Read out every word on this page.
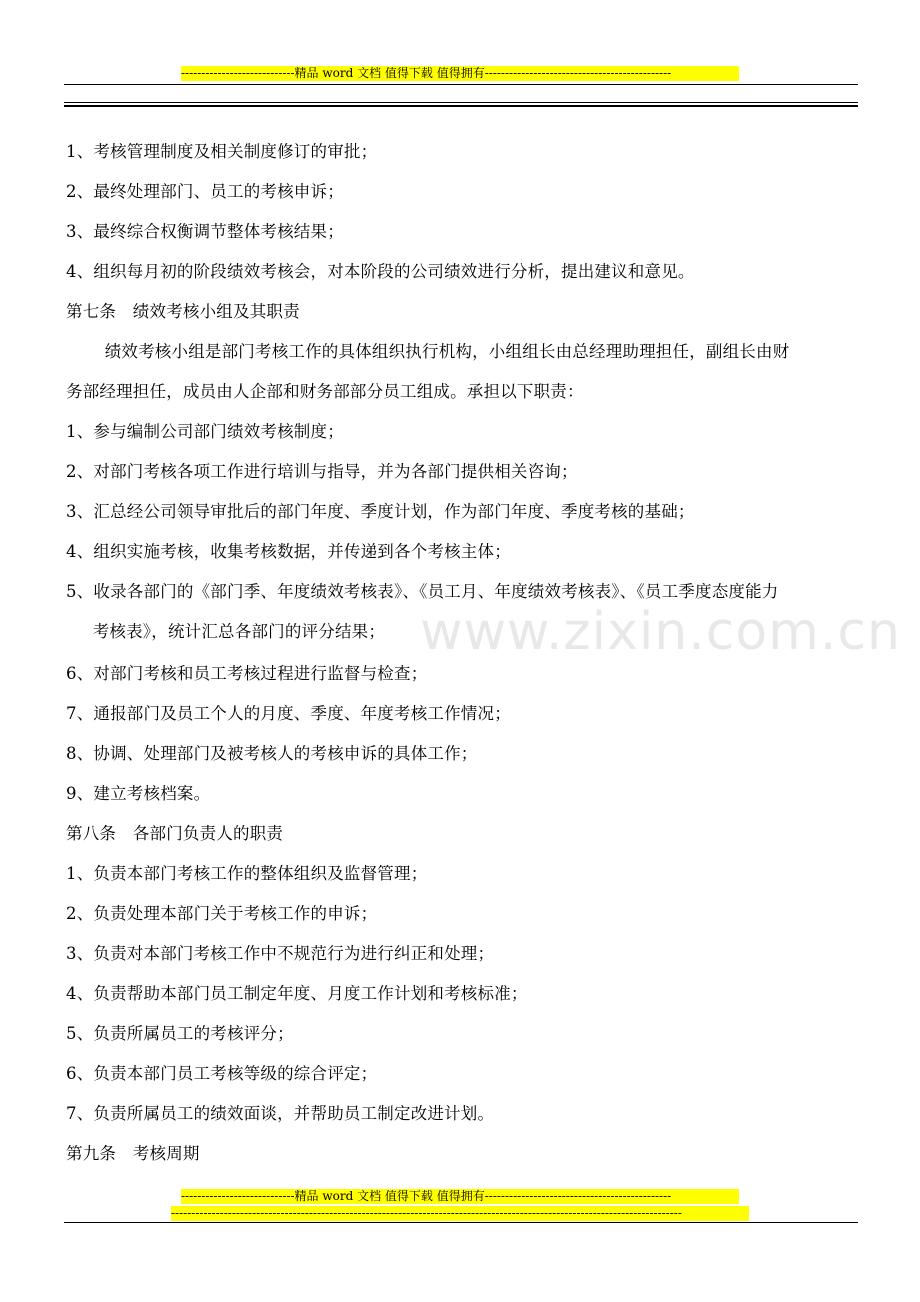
----------------------------精品 word 文档 值得下载 值得拥有----------------------------------------------
www.zixin.com.cn
1、考核管理制度及相关制度修订的审批；
2、最终处理部门、员工的考核申诉；
3、最终综合权衡调节整体考核结果；
4、组织每月初的阶段绩效考核会，对本阶段的公司绩效进行分析，提出建议和意见。
第七条　绩效考核小组及其职责
　绩效考核小组是部门考核工作的具体组织执行机构，小组组长由总经理助理担任，副组长由财
务部经理担任，成员由人企部和财务部部分员工组成。承担以下职责：
1、参与编制公司部门绩效考核制度；
2、对部门考核各项工作进行培训与指导，并为各部门提供相关咨询；
3、汇总经公司领导审批后的部门年度、季度计划，作为部门年度、季度考核的基础；
4、组织实施考核，收集考核数据，并传递到各个考核主体；
5、收录各部门的《部门季、年度绩效考核表》、《员工月、年度绩效考核表》、《员工季度态度能力
　考核表》，统计汇总各部门的评分结果；
6、对部门考核和员工考核过程进行监督与检查；
7、通报部门及员工个人的月度、季度、年度考核工作情况；
8、协调、处理部门及被考核人的考核申诉的具体工作；
9、建立考核档案。
第八条　各部门负责人的职责
1、负责本部门考核工作的整体组织及监督管理；
2、负责处理本部门关于考核工作的申诉；
3、负责对本部门考核工作中不规范行为进行纠正和处理；
4、负责帮助本部门员工制定年度、月度工作计划和考核标准；
5、负责所属员工的考核评分；
6、负责本部门员工考核等级的综合评定；
7、负责所属员工的绩效面谈，并帮助员工制定改进计划。
第九条　考核周期
----------------------------精品 word 文档 值得下载 值得拥有----------------------------------------------
------------------------------------------------------------------------------------------------------------------------------
